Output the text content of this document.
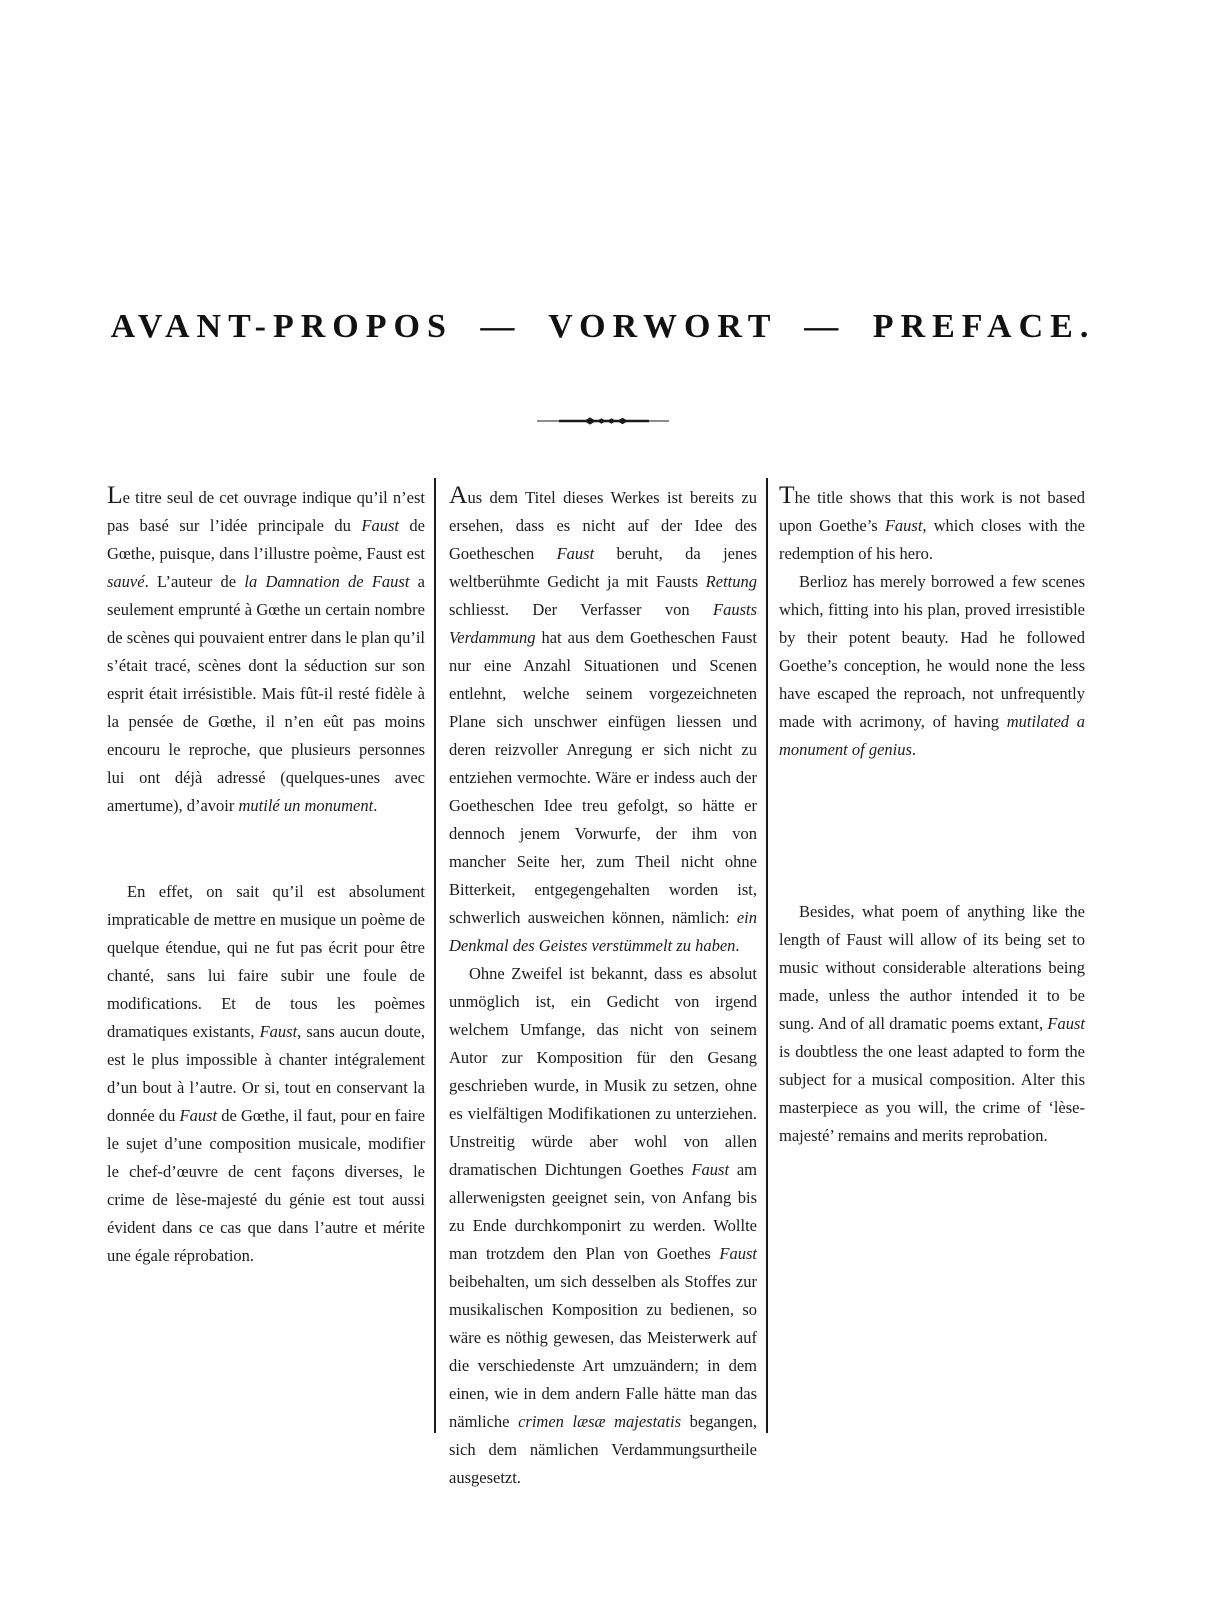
AVANT-PROPOS — VORWORT — PREFACE.

Le titre seul de cet ouvrage indique qu’il n’est pas basé sur l’idée principale du Faust de Gœthe, puisque, dans l’illustre poème, Faust est sauvé. L’auteur de la Damnation de Faust a seulement emprunté à Gœthe un certain nombre de scènes qui pouvaient entrer dans le plan qu’il s’était tracé, scènes dont la séduction sur son esprit était irrésistible. Mais fût-il resté fidèle à la pensée de Gœthe, il n’en eût pas moins encouru le reproche, que plusieurs personnes lui ont déjà adressé (quelques-unes avec amertume), d’avoir mutilé un monument.

En effet, on sait qu’il est absolument impraticable de mettre en musique un poème de quelque étendue, qui ne fut pas écrit pour être chanté, sans lui faire subir une foule de modifications. Et de tous les poèmes dramatiques existants, Faust, sans aucun doute, est le plus impossible à chanter intégralement d’un bout à l’autre. Or si, tout en conservant la donnée du Faust de Gœthe, il faut, pour en faire le sujet d’une composition musicale, modifier le chef-d’œuvre de cent façons diverses, le crime de lèse-majesté du génie est tout aussi évident dans ce cas que dans l’autre et mérite une égale réprobation.

Aus dem Titel dieses Werkes ist bereits zu ersehen, dass es nicht auf der Idee des Goetheschen Faust beruht, da jenes weltberühmte Gedicht ja mit Fausts Rettung schliesst. Der Verfasser von Fausts Verdammung hat aus dem Goetheschen Faust nur eine Anzahl Situationen und Scenen entlehnt, welche seinem vorgezeichneten Plane sich unschwer einfügen liessen und deren reizvoller Anregung er sich nicht zu entziehen vermochte. Wäre er indess auch der Goetheschen Idee treu gefolgt, so hätte er dennoch jenem Vorwurfe, der ihm von mancher Seite her, zum Theil nicht ohne Bitterkeit, entgegengehalten worden ist, schwerlich ausweichen können, nämlich: ein Denkmal des Geistes verstümmelt zu haben.

Ohne Zweifel ist bekannt, dass es absolut unmöglich ist, ein Gedicht von irgend welchem Umfange, das nicht von seinem Autor zur Komposition für den Gesang geschrieben wurde, in Musik zu setzen, ohne es vielfältigen Modifikationen zu unterziehen. Unstreitig würde aber wohl von allen dramatischen Dichtungen Goethes Faust am allerwenigsten geeignet sein, von Anfang bis zu Ende durchkomponirt zu werden. Wollte man trotzdem den Plan von Goethes Faust beibehalten, um sich desselben als Stoffes zur musikalischen Komposition zu bedienen, so wäre es nöthig gewesen, das Meisterwerk auf die verschiedenste Art umzuändern; in dem einen, wie in dem andern Falle hätte man das nämliche crimen læsæ majestatis begangen, sich dem nämlichen Verdammungsurtheile ausgesetzt.

The title shows that this work is not based upon Goethe’s Faust, which closes with the redemption of his hero.

Berlioz has merely borrowed a few scenes which, fitting into his plan, proved irresistible by their potent beauty. Had he followed Goethe’s conception, he would none the less have escaped the reproach, not unfrequently made with acrimony, of having mutilated a monument of genius.

Besides, what poem of anything like the length of Faust will allow of its being set to music without considerable alterations being made, unless the author intended it to be sung. And of all dramatic poems extant, Faust is doubtless the one least adapted to form the subject for a musical composition. Alter this masterpiece as you will, the crime of ‘lèse-majesté’ remains and merits reprobation.
